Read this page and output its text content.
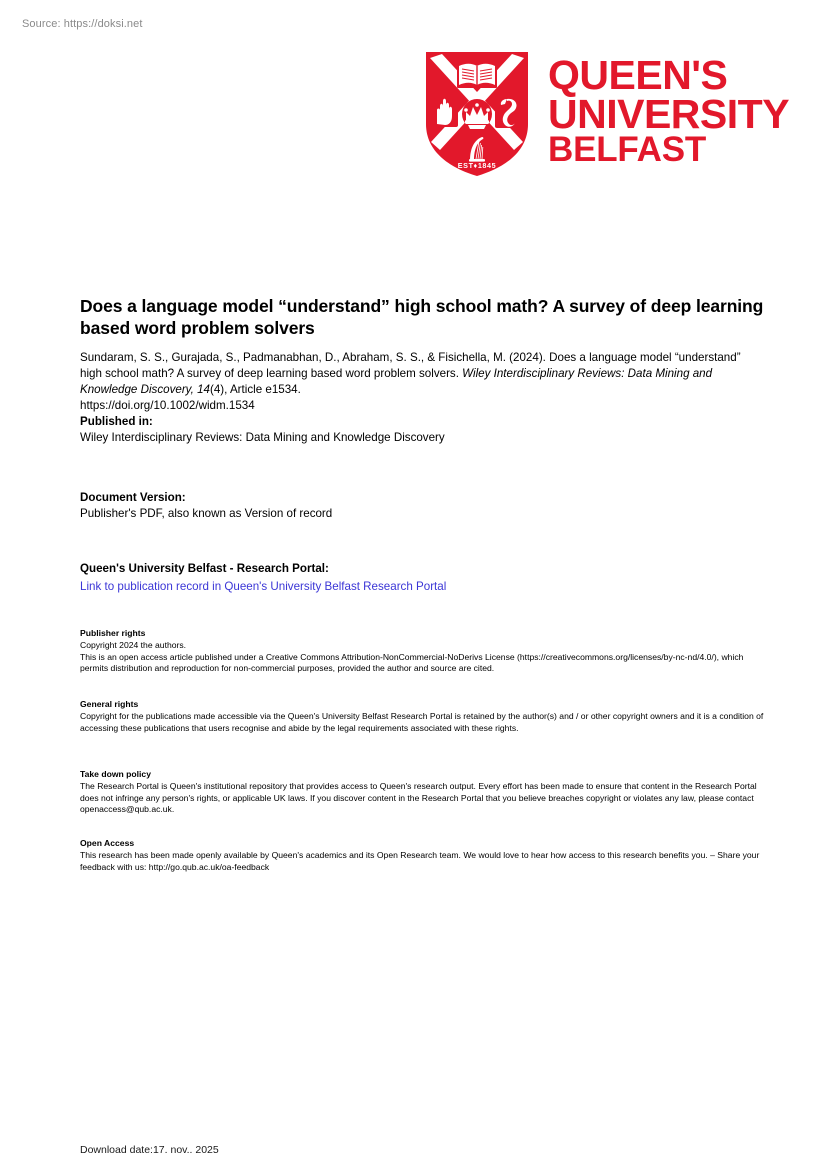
Source: https://doksi.net
EST♦1845
QUEEN'S
UNIVERSITY
BELFAST
Does a language model “understand” high school math? A survey of deep learning based word problem solvers
Sundaram, S. S., Gurajada, S., Padmanabhan, D., Abraham, S. S., & Fisichella, M. (2024). Does a language model “understand” high school math? A survey of deep learning based word problem solvers. Wiley Interdisciplinary Reviews: Data Mining and Knowledge Discovery, 14(4), Article e1534.
https://doi.org/10.1002/widm.1534
Published in:
Wiley Interdisciplinary Reviews: Data Mining and Knowledge Discovery
Document Version:
Publisher's PDF, also known as Version of record
Queen's University Belfast - Research Portal:
Link to publication record in Queen's University Belfast Research Portal
Publisher rights
Copyright 2024 the authors.
This is an open access article published under a Creative Commons Attribution-NonCommercial-NoDerivs License (https://creativecommons.org/licenses/by-nc-nd/4.0/), which permits distribution and reproduction for non-commercial purposes, provided the author and source are cited.
General rights
Copyright for the publications made accessible via the Queen's University Belfast Research Portal is retained by the author(s) and / or other copyright owners and it is a condition of accessing these publications that users recognise and abide by the legal requirements associated with these rights.
Take down policy
The Research Portal is Queen's institutional repository that provides access to Queen's research output. Every effort has been made to ensure that content in the Research Portal does not infringe any person's rights, or applicable UK laws. If you discover content in the Research Portal that you believe breaches copyright or violates any law, please contact openaccess@qub.ac.uk.
Open Access
This research has been made openly available by Queen's academics and its Open Research team. We would love to hear how access to this research benefits you. – Share your feedback with us: http://go.qub.ac.uk/oa-feedback
Download date:17. nov.. 2025
